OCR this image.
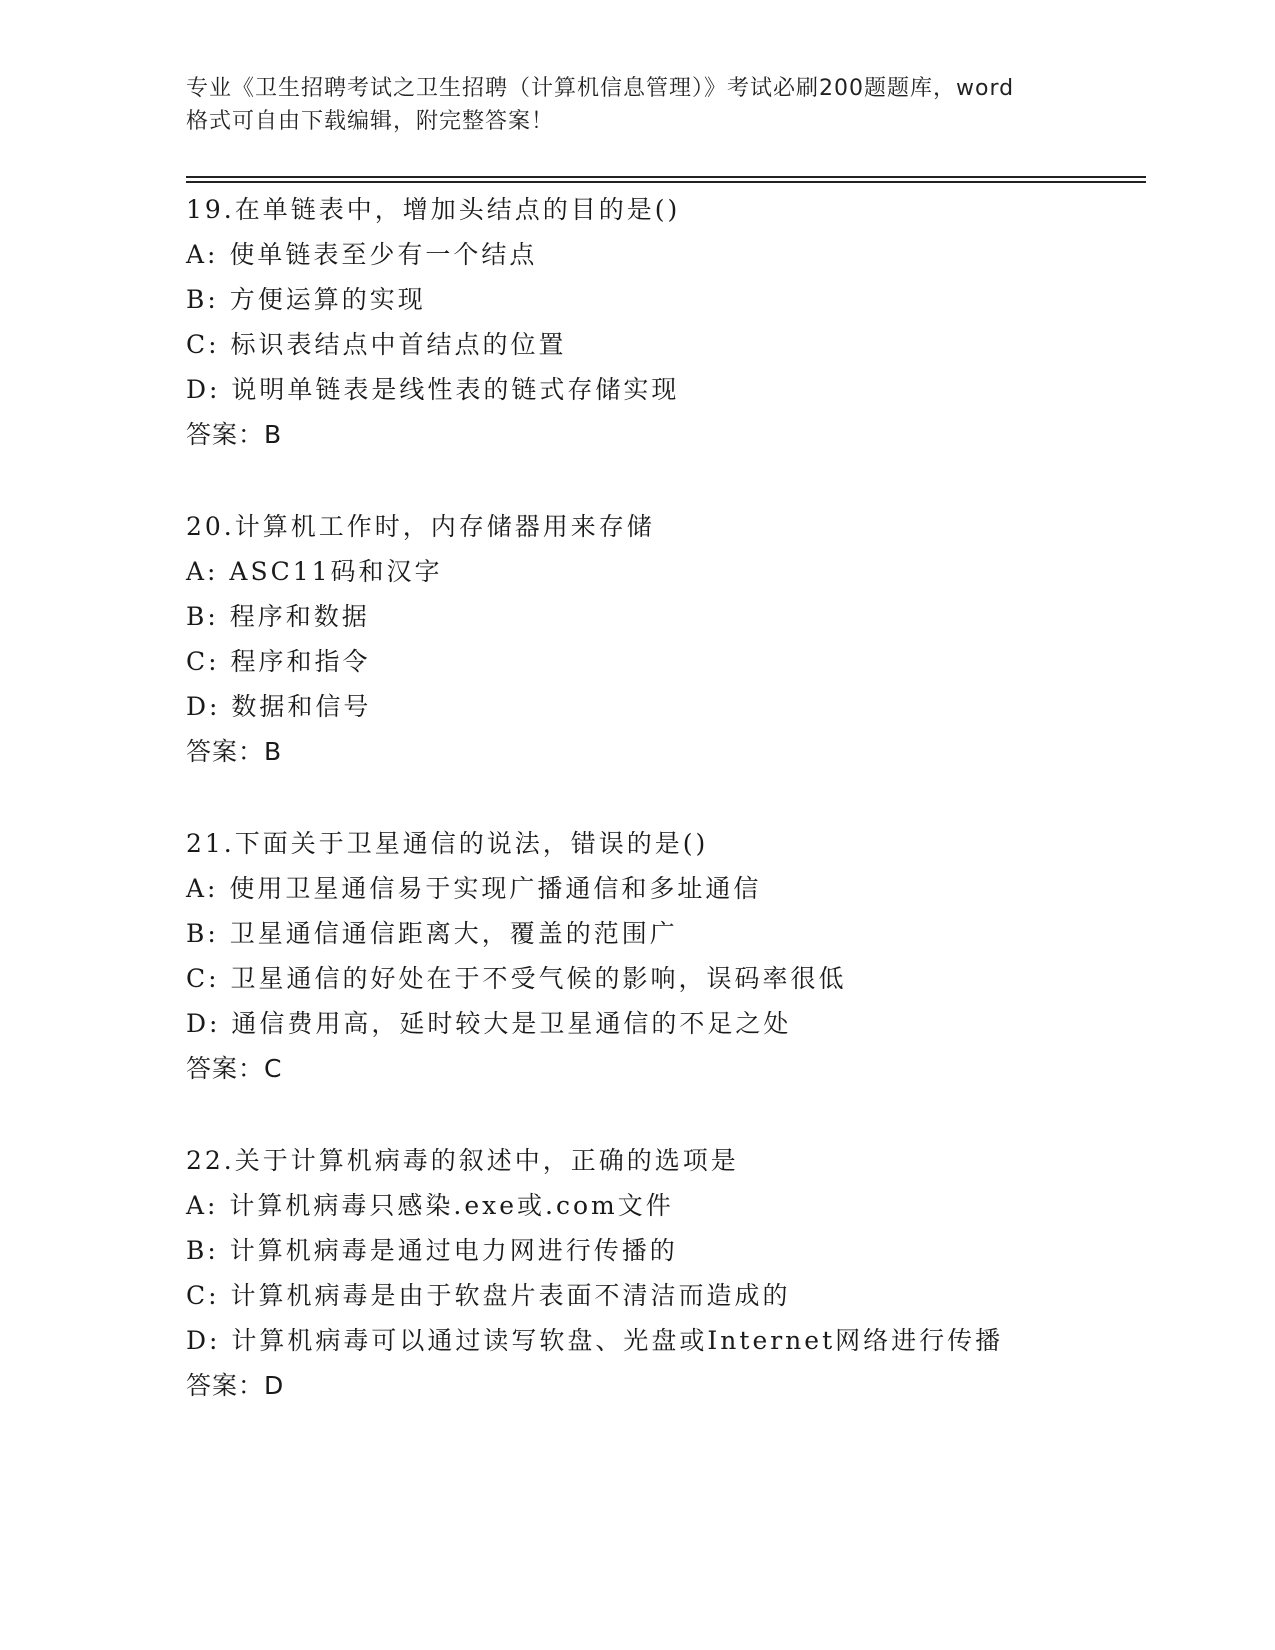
专业《卫生招聘考试之卫生招聘（计算机信息管理）》考试必刷200题题库，word
格式可自由下载编辑，附完整答案！
19.在单链表中，增加头结点的目的是()
A: 使单链表至少有一个结点
B: 方便运算的实现
C: 标识表结点中首结点的位置
D: 说明单链表是线性表的链式存储实现
答案：B
20.计算机工作时，内存储器用来存储
A: ASC11码和汉字
B: 程序和数据
C: 程序和指令
D: 数据和信号
答案：B
21.下面关于卫星通信的说法，错误的是()
A: 使用卫星通信易于实现广播通信和多址通信
B: 卫星通信通信距离大，覆盖的范围广
C: 卫星通信的好处在于不受气候的影响，误码率很低
D: 通信费用高，延时较大是卫星通信的不足之处
答案：C
22.关于计算机病毒的叙述中，正确的选项是
A: 计算机病毒只感染.exe或.com文件
B: 计算机病毒是通过电力网进行传播的
C: 计算机病毒是由于软盘片表面不清洁而造成的
D: 计算机病毒可以通过读写软盘、光盘或Internet网络进行传播
答案：D
